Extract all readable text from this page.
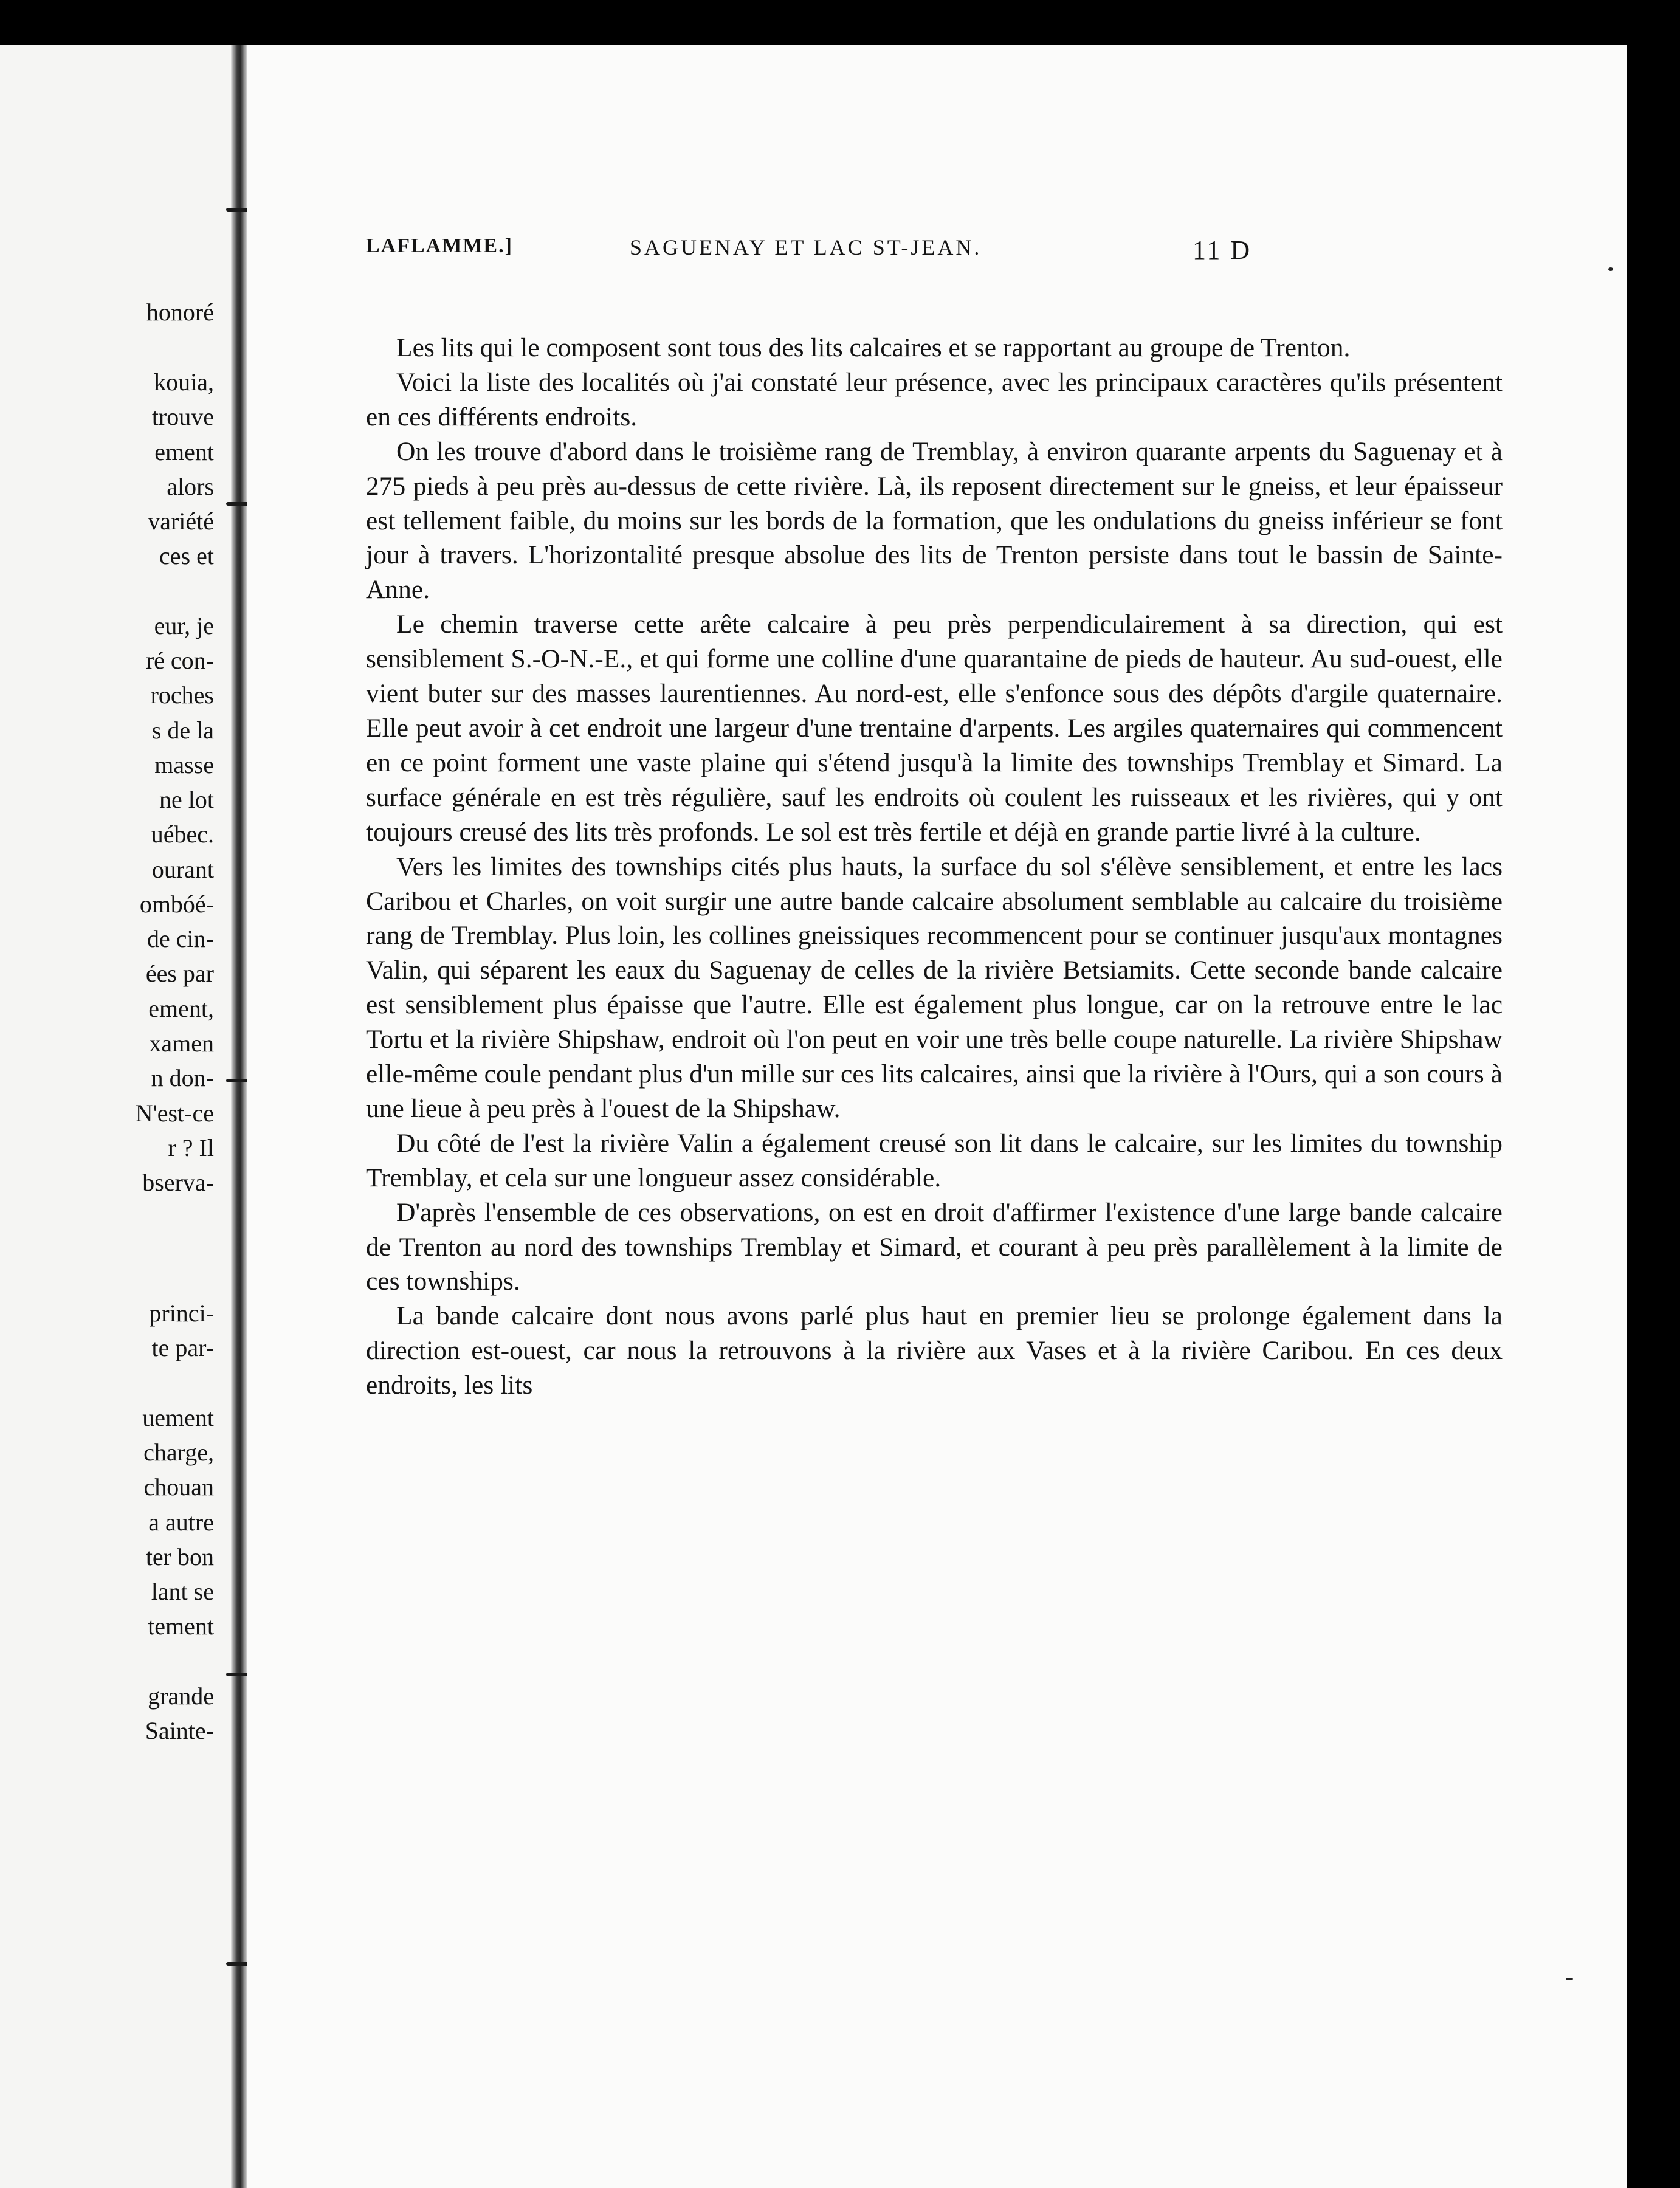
honoré
kouia,
trouve
ement
alors
variété
ces et
eur, je
ré con-
roches
s de la
masse
ne lot
uébec.
ourant
ombóé-
de cin-
ées par
ement,
xamen
n don-
N'est-ce
r ? Il
bserva-
princi-
te par-
uement
charge,
chouan
a autre
ter bon
lant se
tement
grande
Sainte-
LAFLAMME.]	SAGUENAY ET LAC ST-JEAN.	11 D

Les lits qui le composent sont tous des lits calcaires et se rapportant au groupe de Trenton.

Voici la liste des localités où j'ai constaté leur présence, avec les principaux caractères qu'ils présentent en ces différents endroits.

On les trouve d'abord dans le troisième rang de Tremblay, à environ quarante arpents du Saguenay et à 275 pieds à peu près au-dessus de cette rivière. Là, ils reposent directement sur le gneiss, et leur épaisseur est tellement faible, du moins sur les bords de la formation, que les ondulations du gneiss inférieur se font jour à travers. L'horizontalité presque absolue des lits de Trenton persiste dans tout le bassin de Sainte-Anne.

Le chemin traverse cette arête calcaire à peu près perpendiculairement à sa direction, qui est sensiblement S.-O-N.-E., et qui forme une colline d'une quarantaine de pieds de hauteur. Au sud-ouest, elle vient buter sur des masses laurentiennes. Au nord-est, elle s'enfonce sous des dépôts d'argile quaternaire. Elle peut avoir à cet endroit une largeur d'une trentaine d'arpents. Les argiles quaternaires qui commencent en ce point forment une vaste plaine qui s'étend jusqu'à la limite des townships Tremblay et Simard. La surface générale en est très régulière, sauf les endroits où coulent les ruisseaux et les rivières, qui y ont toujours creusé des lits très profonds. Le sol est très fertile et déjà en grande partie livré à la culture.

Vers les limites des townships cités plus hauts, la surface du sol s'élève sensiblement, et entre les lacs Caribou et Charles, on voit surgir une autre bande calcaire absolument semblable au calcaire du troisième rang de Tremblay. Plus loin, les collines gneissiques recommencent pour se continuer jusqu'aux montagnes Valin, qui séparent les eaux du Saguenay de celles de la rivière Betsiamits. Cette seconde bande calcaire est sensiblement plus épaisse que l'autre. Elle est également plus longue, car on la retrouve entre le lac Tortu et la rivière Shipshaw, endroit où l'on peut en voir une très belle coupe naturelle. La rivière Shipshaw elle-même coule pendant plus d'un mille sur ces lits calcaires, ainsi que la rivière à l'Ours, qui a son cours à une lieue à peu près à l'ouest de la Shipshaw.

Du côté de l'est la rivière Valin a également creusé son lit dans le calcaire, sur les limites du township Tremblay, et cela sur une longueur assez considérable.

D'après l'ensemble de ces observations, on est en droit d'affirmer l'existence d'une large bande calcaire de Trenton au nord des townships Tremblay et Simard, et courant à peu près parallèlement à la limite de ces townships.

La bande calcaire dont nous avons parlé plus haut en premier lieu se prolonge également dans la direction est-ouest, car nous la retrouvons à la rivière aux Vases et à la rivière Caribou. En ces deux endroits, les lits
